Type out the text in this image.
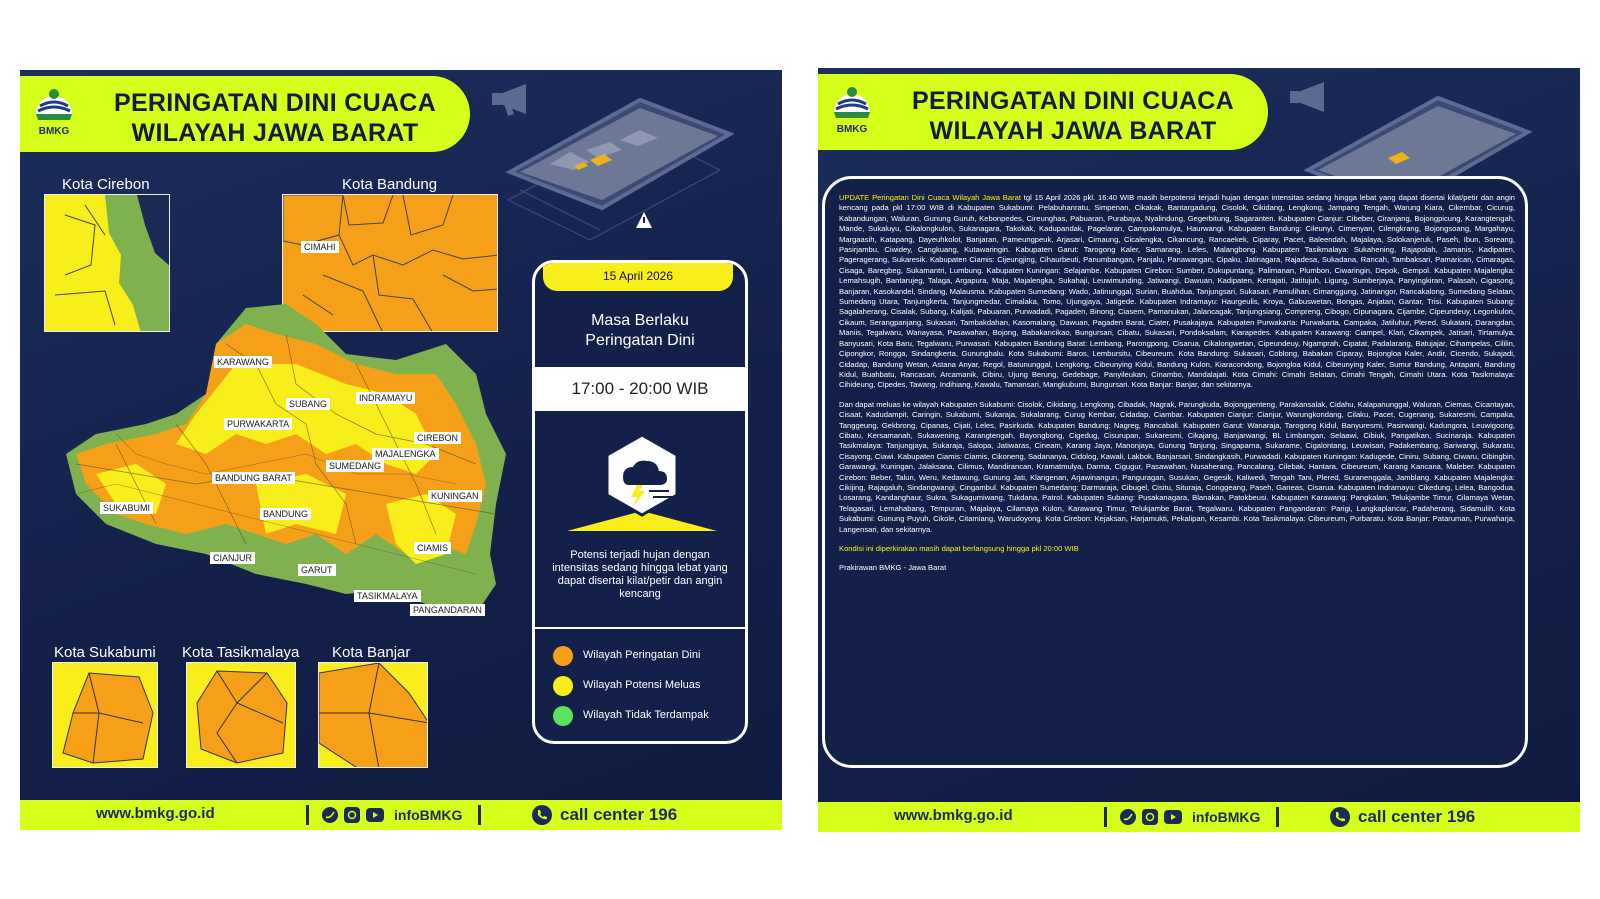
BMKG
PERINGATAN DINI CUACA
WILAYAH JAWA BARAT
Kota Cirebon	Kota Bandung
CIMAHI
KARAWANG
SUBANG
INDRAMAYU
PURWAKARTA
CIREBON
MAJALENGKA
SUMEDANG
BANDUNG BARAT
KUNINGAN
SUKABUMI
BANDUNG
CIAMIS
CIANJUR
GARUT
TASIKMALAYA
PANGANDARAN
Kota Sukabumi Kota Tasikmalaya Kota Banjar
15 April 2026
Masa Berlaku
Peringatan Dini
17:00 - 20:00 WIB
Potensi terjadi hujan dengan intensitas sedang hingga lebat yang dapat disertai kilat/petir dan angin kencang
Wilayah Peringatan Dini
Wilayah Potensi Meluas
Wilayah Tidak Terdampak
www.bmkg.go.id	infoBMKG	call center 196
BMKG
PERINGATAN DINI CUACA
WILAYAH JAWA BARAT

UPDATE Peringatan Dini Cuaca Wilayah Jawa Barat tgl 15 April 2026 pkl. 16:40 WIB masih berpotensi terjadi hujan dengan intensitas sedang hingga lebat yang dapat disertai kilat/petir dan angin kencang pada pkl 17:00 WIB di Kabupaten Sukabumi: Pelabuhanratu, Simpenan, Cikakak, Bantargadung, Cisolok, Cikidang, Lengkong, Jampang Tengah, Warung Kiara, Cikembar, Cicurug, Kabandungan, Waluran, Gunung Guruh, Kebonpedes, Cireunghas, Pabuaran, Purabaya, Nyalindung, Gegerbitung, Sagaranten. Kabupaten Cianjur: Cibeber, Ciranjang, Bojongpicung, Karangtengah, Mande, Sukaluyu, Cikalongkulon, Sukanagara, Takokak, Kadupandak, Pagelaran, Campakamulya, Haurwangi. Kabupaten Bandung: Cileunyi, Cimenyan, Cilengkrang, Bojongsoang, Margahayu, Margaasih, Katapang, Dayeuhkolot, Banjaran, Pameungpeuk, Arjasari, Cimaung, Cicalengka, Cikancung, Rancaekek, Ciparay, Pacet, Baleendah, Majalaya, Solokanjeruk, Paseh, Ibun, Soreang, Pasirjambu, Ciwidey, Cangkuang, Kutawaringin. Kabupaten Garut: Tarogong Kaler, Samarang, Leles, Malangbong. Kabupaten Tasikmalaya: Sukahening, Rajapolah, Jamanis, Kadipaten, Pageragerang, Sukaresik. Kabupaten Ciamis: Cijeungjing, Cihaurbeuti, Panumbangan, Panjalu, Panawangan, Cipaku, Jatinagara, Rajadesa, Sukadana, Rancah, Tambaksari, Pamarican, Cimaragas, Cisaga, Baregbeg, Sukamantri, Lumbung. Kabupaten Kuningan: Selajambe. Kabupaten Cirebon: Sumber, Dukupuntang, Palimanan, Plumbon, Ciwaringin, Depok, Gempol. Kabupaten Majalengka: Lemahsugih, Bantarujeg, Talaga, Argapura, Maja, Majalengka, Sukahaji, Leuwimunding, Jatiwangi, Dawuan, Kadipaten, Kertajati, Jatitujuh, Ligung, Sumberjaya, Panyingkiran, Palasah, Cigasong, Banjaran, Kasokandel, Sindang, Malausma. Kabupaten Sumedang: Wado, Jatinunggal, Surian, Buahdua, Tanjungsari, Sukasari, Pamulihan, Cimanggung, Jatinangor, Rancakalong, Sumedang Selatan, Sumedang Utara, Tanjungkerta, Tanjungmedar, Cimalaka, Tomo, Ujungjaya, Jatigede. Kabupaten Indramayu: Haurgeulis, Kroya, Gabuswetan, Bongas, Anjatan, Gantar, Trisi. Kabupaten Subang: Sagalaherang, Cisalak, Subang, Kalijati, Pabuaran, Purwadadi, Pagaden, Binong, Ciasem, Pamanukan, Jalancagak, Tanjungsiang, Compreng, Cibogo, Cipunagara, Cijambe, Cipeundeuy, Legonkulon, Cikaum, Serangpanjang, Sukasari, Tambakdahan, Kasomalang, Dawuan, Pagaden Barat, Ciater, Pusakajaya. Kabupaten Purwakarta: Purwakarta, Campaka, Jatiluhur, Plered, Sukatani, Darangdan, Maniis, Tegalwaru, Wanayasa, Pasawahan, Bojong, Babakancikao, Bungursari, Cibatu, Sukasari, Pondoksalam, Kiarapedes. Kabupaten Karawang: Ciampel, Klari, Cikampek, Jatisari, Tirtamulya, Banyusari, Kota Baru, Tegalwaru, Purwasari. Kabupaten Bandung Barat: Lembang, Parongpong, Cisarua, Cikalongwetan, Cipeundeuy, Ngamprah, Cipatat, Padalarang, Batujajar, Cihampelas, Cililin, Cipongkor, Rongga, Sindangkerta, Gununghalu. Kota Sukabumi: Baros, Lembursitu, Cibeureum. Kota Bandung: Sukasari, Coblong, Babakan Ciparay, Bojongloa Kaler, Andir, Cicendo, Sukajadi, Cidadap, Bandung Wetan, Astana Anyar, Regol, Batununggal, Lengkong, Cibeunying Kidul, Bandung Kulon, Kiaracondong, Bojongloa Kidul, Cibeunying Kaler, Sumur Bandung, Antapani, Bandung Kidul, Buahbatu, Rancasari, Arcamanik, Cibiru, Ujung Berung, Gedebage, Panyileukan, Cinambo, Mandalajati. Kota Cimahi: Cimahi Selatan, Cimahi Tengah, Cimahi Utara. Kota Tasikmalaya: Cihideung, Cipedes, Tawang, Indihiang, Kawalu, Tamansari, Mangkubumi, Bungursari. Kota Banjar: Banjar, dan sekitarnya.

Dan dapat meluas ke wilayah Kabupaten Sukabumi: Cisolok, Cikidang, Lengkong, Cibadak, Nagrak, Parungkuda, Bojonggenteng, Parakansalak, Cidahu, Kalapanunggal, Waluran, Ciemas, Cicantayan, Cisaat, Kadudampit, Caringin, Sukabumi, Sukaraja, Sukalarang, Curug Kembar, Cidadap, Ciambar. Kabupaten Cianjur: Cianjur, Warungkondang, Cilaku, Pacet, Cugenang, Sukaresmi, Campaka, Tanggeung, Gekbrong, Cipanas, Cijati, Leles, Pasirkuda. Kabupaten Bandung: Nagreg, Rancabali. Kabupaten Garut: Wanaraja, Tarogong Kidul, Banyuresmi, Pasirwangi, Kadungora, Leuwigoong, Cibatu, Kersamanah, Sukawening, Karangtengah, Bayongbong, Cigedug, Cisurupan, Sukaresmi, Cikajang, Banjarwangi, BL Limbangan, Selaawi, Cibiuk, Pangatikan, Sucinaraja. Kabupaten Tasikmalaya: Tanjungjaya, Sukaraja, Salopa, Jatiwaras, Cineam, Karang Jaya, Manonjaya, Gunung Tanjung, Singaparna, Sukarame, Cigalontang, Leuwisari, Padakembang, Sariwangi, Sukaratu, Cisayong, Ciawi. Kabupaten Ciamis: Ciamis, Cikoneng, Sadananya, Cidolog, Kawali, Lakbok, Banjarsari, Sindangkasih, Purwadadi. Kabupaten Kuningan: Kadugede, Ciniru, Subang, Ciwaru, Cibingbin, Garawangi, Kuningan, Jalaksana, Cilimus, Mandirancan, Kramatmulya, Darma, Cigugur, Pasawahan, Nusaherang, Pancalang, Cilebak, Hantara, Cibeureum, Karang Kancana, Maleber. Kabupaten Cirebon: Beber, Talun, Weru, Kedawung, Gunung Jati, Klangenan, Arjawinangun, Panguragan, Susukan, Gegesik, Kaliwedi, Tengah Tani, Plered, Suranenggala, Jamblang. Kabupaten Majalengka: Cikijing, Rajagaluh, Sindangwangi, Cingambul. Kabupaten Sumedang: Darmaraja, Cibugel, Cisitu, Situraja, Conggeang, Paseh, Ganeas, Cisarua. Kabupaten Indramayu: Cikedung, Lelea, Bangodua, Losarang, Kandanghaur, Sukra, Sukagumiwang, Tukdana, Patrol. Kabupaten Subang: Pusakanagara, Blanakan, Patokbeusi. Kabupaten Karawang: Pangkalan, Telukjambe Timur, Cilamaya Wetan, Telagasari, Lemahabang, Tempuran, Majalaya, Cilamaya Kulon, Karawang Timur, Telukjambe Barat, Tegalwaru. Kabupaten Pangandaran: Parigi, Langkaplancar, Padaherang, Sidamulih. Kota Sukabumi: Gunung Puyuh, Cikole, Citamiang, Warudoyong. Kota Cirebon: Kejaksan, Harjamukti, Pekalipan, Kesambi. Kota Tasikmalaya: Cibeureum, Purbaratu. Kota Banjar: Pataruman, Purwaharja, Langensari, dan sekitarnya.

Kondisi ini diperkirakan masih dapat berlangsung hingga pkl 20:00 WIB

Prakirawan BMKG - Jawa Barat

www.bmkg.go.id	infoBMKG	call center 196
